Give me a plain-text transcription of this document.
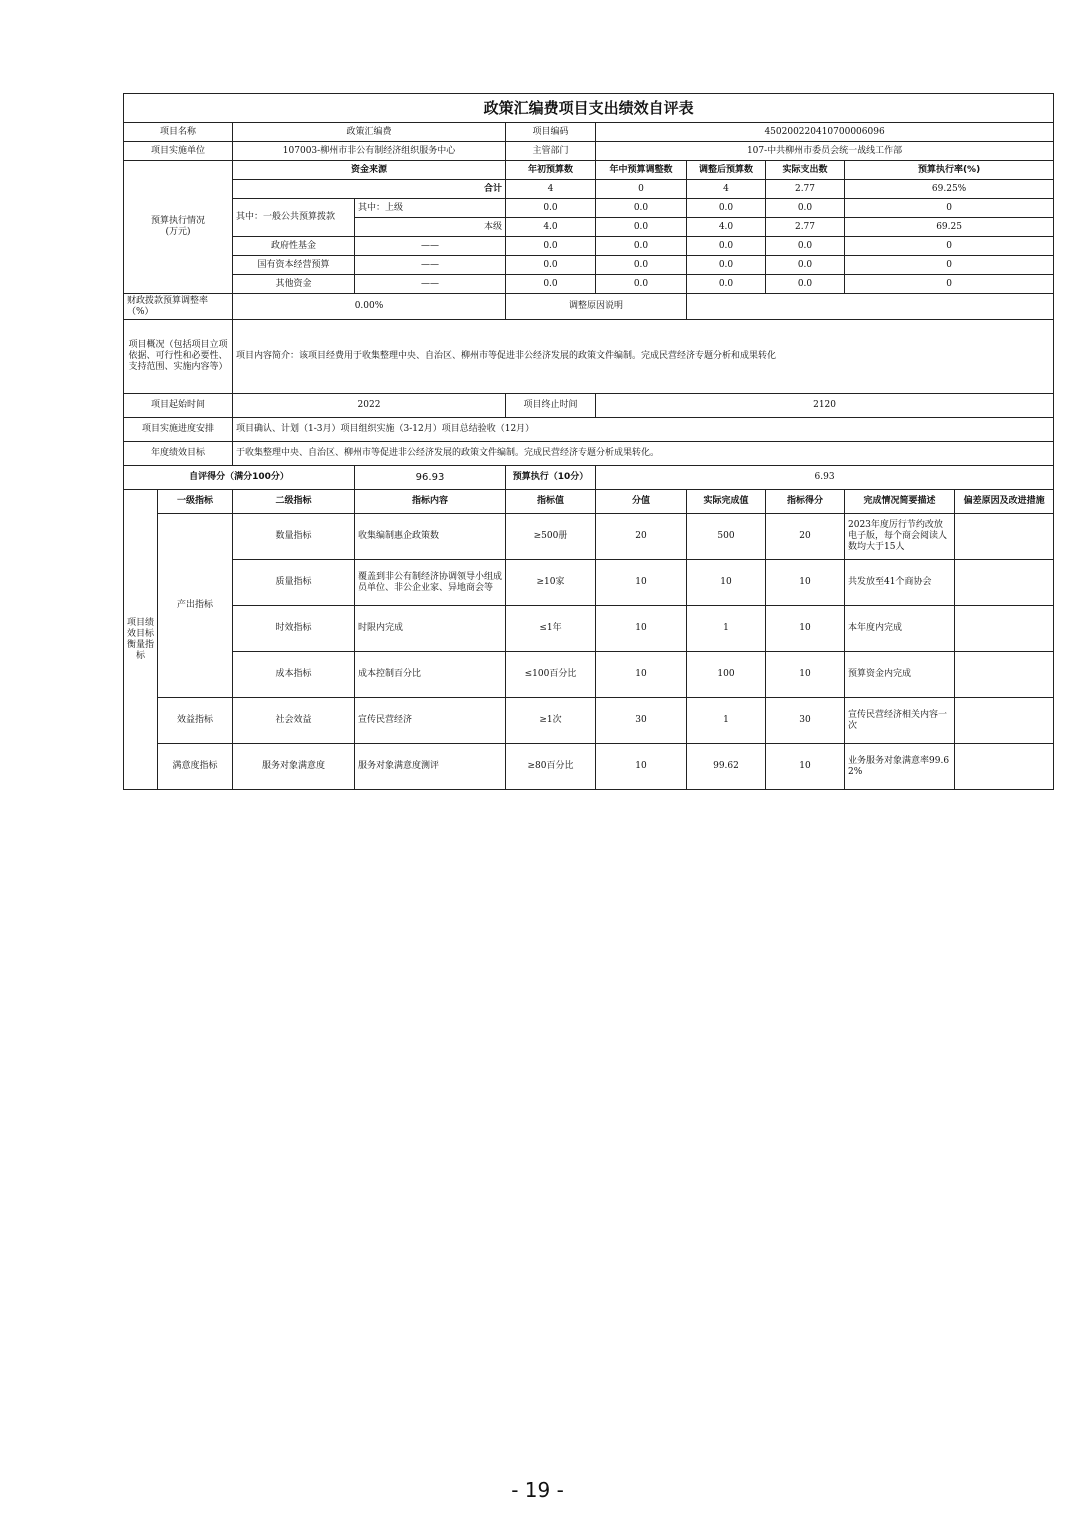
政策汇编费项目支出绩效自评表									
项目名称		政策汇编费		项目编码	450200220410700006096				
项目实施单位		107003-柳州市非公有制经济组织服务中心		主管部门	107-中共柳州市委员会统一战线工作部				
预算执行情况
(万元)		资金来源		年初预算数	年中预算调整数	调整后预算数	实际支出数	预算执行率(%)	
		合计		4	0	4	2.77	69.25%	
		其中：一般公共预算拨款	其中：上级	0.0	0.0	0.0	0.0	0	
			本级	4.0	0.0	4.0	2.77	69.25	
		政府性基金	——	0.0	0.0	0.0	0.0	0	
		国有资本经营预算	——	0.0	0.0	0.0	0.0	0	
		其他资金	——	0.0	0.0	0.0	0.0	0	
财政拨款预算调整率（%）		0.00%		调整原因说明					
项目概况（包括项目立项依据、可行性和必要性、支持范围、实施内容等）		项目内容简介：该项目经费用于收集整理中央、自治区、柳州市等促进非公经济发展的政策文件编制。完成民营经济专题分析和成果转化							
项目起始时间		2022		项目终止时间	2120				
项目实施进度安排		项目确认、计划（1-3月）项目组织实施（3-12月）项目总结验收（12月）							
年度绩效目标		于收集整理中央、自治区、柳州市等促进非公经济发展的政策文件编制。完成民营经济专题分析成果转化。							
自评得分（满分100分）			96.93	预算执行（10分）	6.93				
项目绩效目标衡量指标	一级指标	二级指标	指标内容	指标值	分值	实际完成值	指标得分	完成情况简要描述	偏差原因及改进措施
	产出指标	数量指标	收集编制惠企政策数	≥500册	20	500	20	2023年度厉行节约改放电子版，每个商会阅读人数均大于15人	
		质量指标	覆盖到非公有制经济协调领导小组成员单位、非公企业家、异地商会等	≥10家	10	10	10	共发放至41个商协会	
		时效指标	时限内完成	≤1年	10	1	10	本年度内完成	
		成本指标	成本控制百分比	≤100百分比	10	100	10	预算资金内完成	
	效益指标	社会效益	宣传民营经济	≥1次	30	1	30	宣传民营经济相关内容一次	
	满意度指标	服务对象满意度	服务对象满意度测评	≥80百分比	10	99.62	10	业务服务对象满意率99.62%	
- 19 -
